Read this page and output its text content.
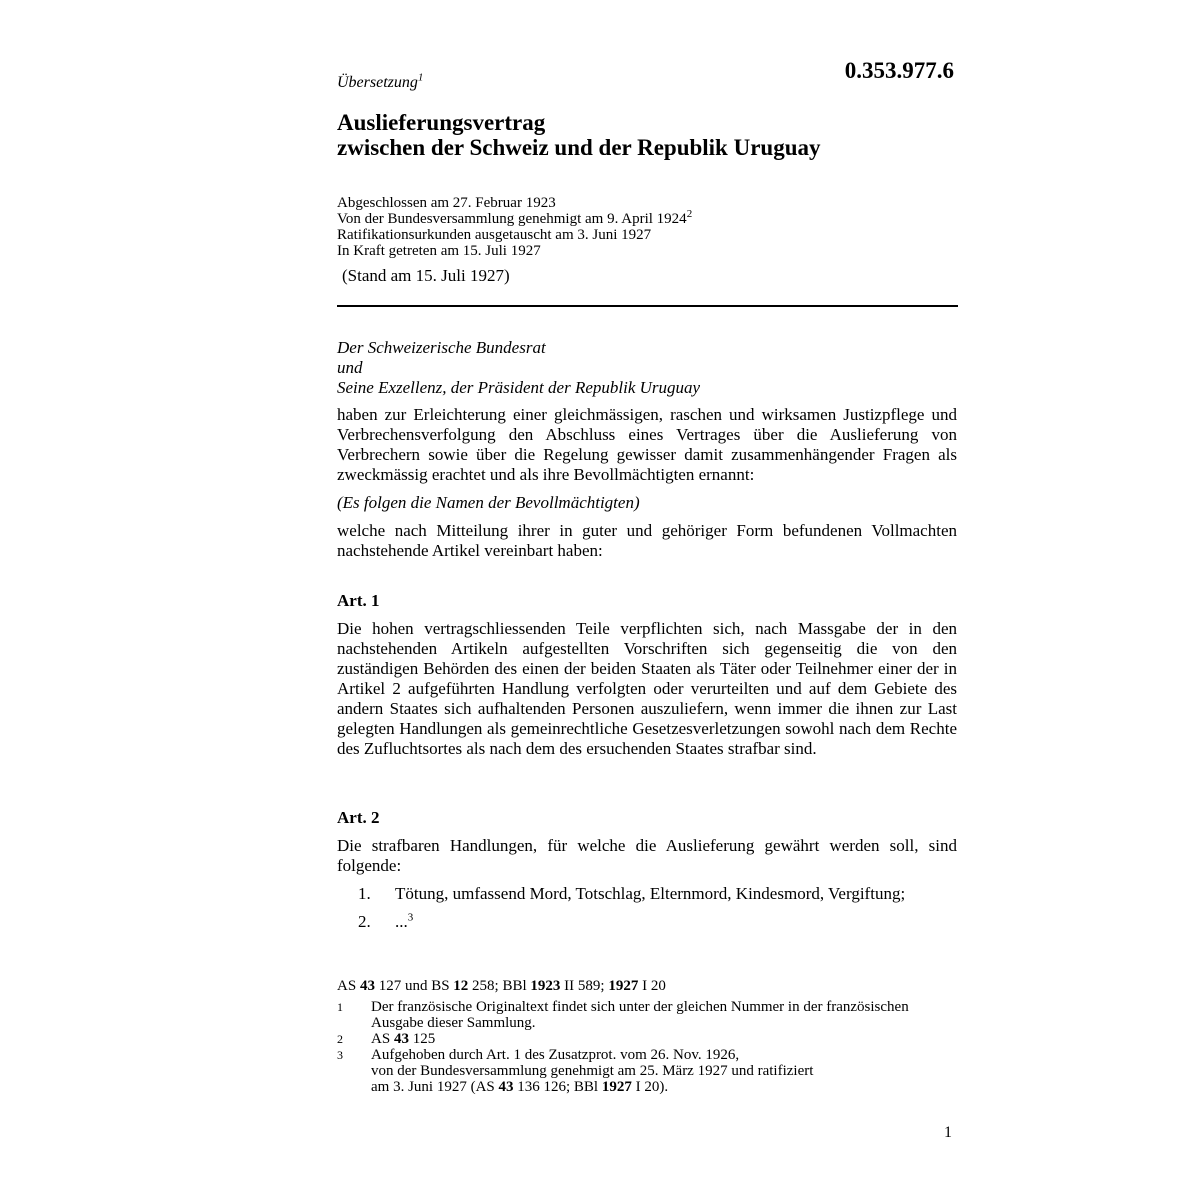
0.353.977.6
Übersetzung$^1$
Auslieferungsvertrag
zwischen der Schweiz und der Republik Uruguay
Abgeschlossen am 27. Februar 1923
Von der Bundesversammlung genehmigt am 9. April 1924$^2$
Ratifikationsurkunden ausgetauscht am 3. Juni 1927
In Kraft getreten am 15. Juli 1927
(Stand am 15. Juli 1927)
Der Schweizerische Bundesrat
und
Seine Exzellenz, der Präsident der Republik Uruguay
haben zur Erleichterung einer gleichmässigen, raschen und wirksamen Justizpflege und Verbrechensverfolgung den Abschluss eines Vertrages über die Auslieferung von Verbrechern sowie über die Regelung gewisser damit zusammenhängender Fragen als zweckmässig erachtet und als ihre Bevollmächtigten ernannt:
(Es folgen die Namen der Bevollmächtigten)
welche nach Mitteilung ihrer in guter und gehöriger Form befundenen Vollmachten nachstehende Artikel vereinbart haben:
Art. 1
Die hohen vertragschliessenden Teile verpflichten sich, nach Massgabe der in den nachstehenden Artikeln aufgestellten Vorschriften sich gegenseitig die von den zuständigen Behörden des einen der beiden Staaten als Täter oder Teilnehmer einer der in Artikel 2 aufgeführten Handlung verfolgten oder verurteilten und auf dem Gebiete des andern Staates sich aufhaltenden Personen auszuliefern, wenn immer die ihnen zur Last gelegten Handlungen als gemeinrechtliche Gesetzesverletzungen sowohl nach dem Rechte des Zufluchtsortes als nach dem des ersuchenden Staates strafbar sind.
Art. 2
Die strafbaren Handlungen, für welche die Auslieferung gewährt werden soll, sind folgende:
1. Tötung, umfassend Mord, Totschlag, Elternmord, Kindesmord, Vergiftung;
2. ...$^3$
AS 43 127 und BS 12 258; BBl 1923 II 589; 1927 I 20
1 Der französische Originaltext findet sich unter der gleichen Nummer in der französischen Ausgabe dieser Sammlung.
2 AS 43 125
3 Aufgehoben durch Art. 1 des Zusatzprot. vom 26. Nov. 1926,
von der Bundesversammlung genehmigt am 25. März 1927 und ratifiziert
am 3. Juni 1927 (AS 43 136 126; BBl 1927 I 20).
1
